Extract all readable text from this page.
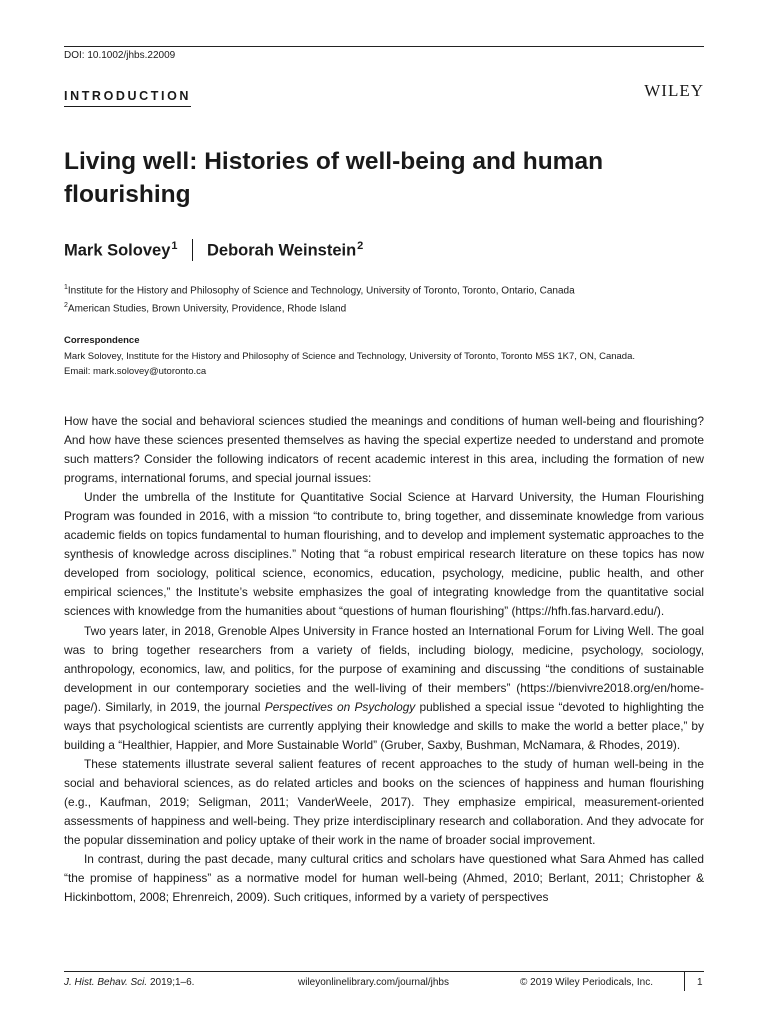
DOI: 10.1002/jhbs.22009
INTRODUCTION	WILEY
Living well: Histories of well-being and human flourishing
Mark Solovey$^1$ Deborah Weinstein$^2$
$^1$Institute for the History and Philosophy of Science and Technology, University of Toronto, Toronto, Ontario, Canada
$^2$American Studies, Brown University, Providence, Rhode Island
Correspondence
Mark Solovey, Institute for the History and Philosophy of Science and Technology, University of Toronto, Toronto M5S 1K7, ON, Canada.
Email: mark.solovey@utoronto.ca

How have the social and behavioral sciences studied the meanings and conditions of human well-being and flourishing? And how have these sciences presented themselves as having the special expertize needed to understand and promote such matters? Consider the following indicators of recent academic interest in this area, including the formation of new programs, international forums, and special journal issues:

Under the umbrella of the Institute for Quantitative Social Science at Harvard University, the Human Flourishing Program was founded in 2016, with a mission “to contribute to, bring together, and disseminate knowledge from various academic fields on topics fundamental to human flourishing, and to develop and implement systematic approaches to the synthesis of knowledge across disciplines.” Noting that “a robust empirical research literature on these topics has now developed from sociology, political science, economics, education, psychology, medicine, public health, and other empirical sciences,” the Institute’s website emphasizes the goal of integrating knowledge from the quantitative social sciences with knowledge from the humanities about “questions of human flourishing” (https://hfh.fas.harvard.edu/).

Two years later, in 2018, Grenoble Alpes University in France hosted an International Forum for Living Well. The goal was to bring together researchers from a variety of fields, including biology, medicine, psychology, sociology, anthropology, economics, law, and politics, for the purpose of examining and discussing “the conditions of sustainable development in our contemporary societies and the well-living of their members” (https://bienvivre2018.org/en/home-page/). Similarly, in 2019, the journal Perspectives on Psychology published a special issue “devoted to highlighting the ways that psychological scientists are currently applying their knowledge and skills to make the world a better place,” by building a “Healthier, Happier, and More Sustainable World” (Gruber, Saxby, Bushman, McNamara, & Rhodes, 2019).

These statements illustrate several salient features of recent approaches to the study of human well-being in the social and behavioral sciences, as do related articles and books on the sciences of happiness and human flourishing (e.g., Kaufman, 2019; Seligman, 2011; VanderWeele, 2017). They emphasize empirical, measurement-oriented assessments of happiness and well-being. They prize interdisciplinary research and collaboration. And they advocate for the popular dissemination and policy uptake of their work in the name of broader social improvement.

In contrast, during the past decade, many cultural critics and scholars have questioned what Sara Ahmed has called “the promise of happiness” as a normative model for human well-being (Ahmed, 2010; Berlant, 2011; Christopher & Hickinbottom, 2008; Ehrenreich, 2009). Such critiques, informed by a variety of perspectives

J. Hist. Behav. Sci. 2019;1–6.	wileyonlinelibrary.com/journal/jhbs	© 2019 Wiley Periodicals, Inc.	1
